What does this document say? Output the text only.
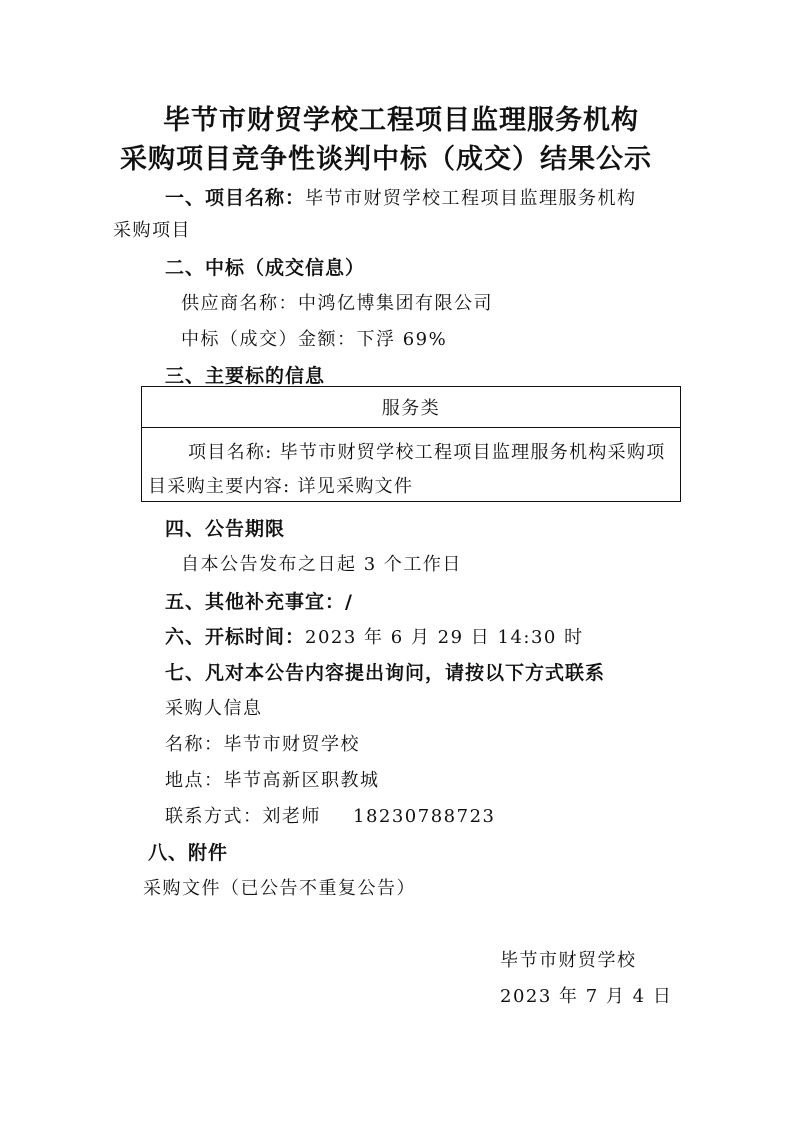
毕节市财贸学校工程项目监理服务机构
采购项目竞争性谈判中标（成交）结果公示
一、项目名称：毕节市财贸学校工程项目监理服务机构
采购项目
二、中标（成交信息）
供应商名称：中鸿亿博集团有限公司
中标（成交）金额：下浮 69%
三、主要标的信息
服务类
项目名称: 毕节市财贸学校工程项目监理服务机构采购项目采购主要内容: 详见采购文件
四、公告期限
自本公告发布之日起 3 个工作日
五、其他补充事宜：/
六、开标时间：2023 年 6 月 29 日 14:30 时
七、凡对本公告内容提出询问，请按以下方式联系
采购人信息
名称：毕节市财贸学校
地点：毕节高新区职教城
联系方式：刘老师 18230788723
八、附件
采购文件（已公告不重复公告）
毕节市财贸学校
2023 年 7 月 4 日
